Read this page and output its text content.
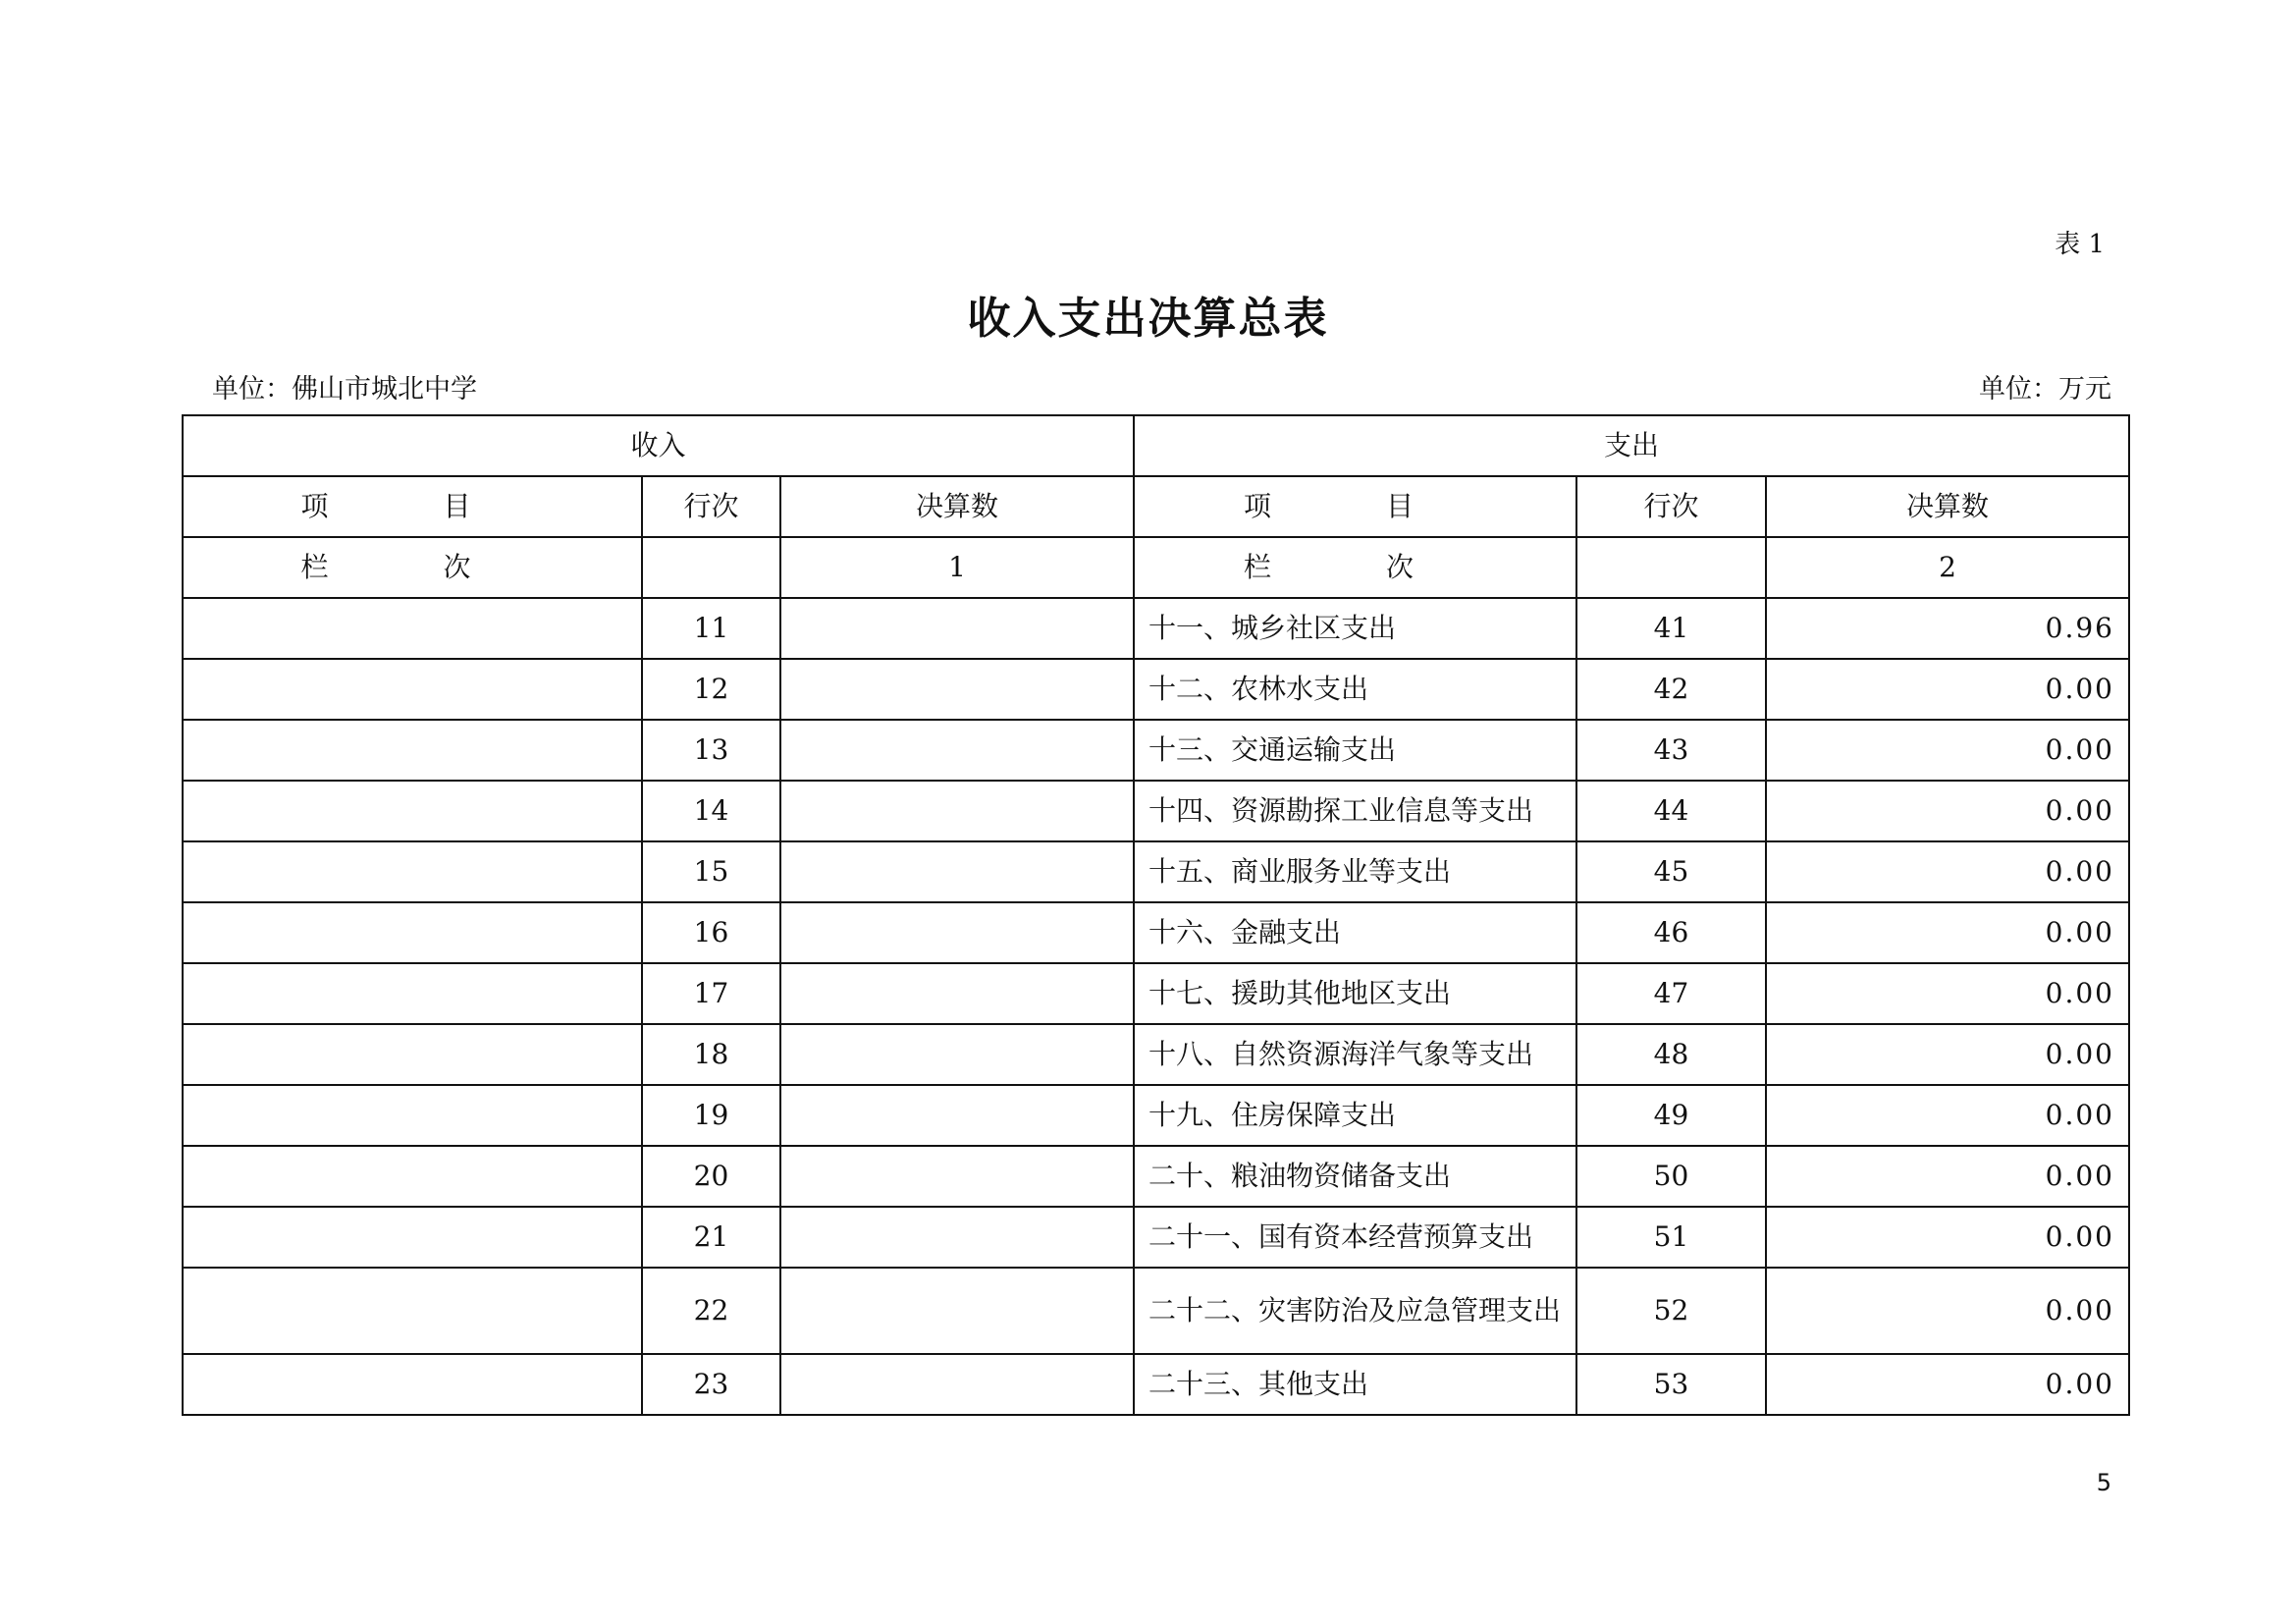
表 1
收入支出决算总表
单位：佛山市城北中学	单位：万元
收入			支出		
项 目	行次	决算数	项 目	行次	决算数
栏 次		1	栏 次		2
	11		十一、城乡社区支出	41	0.96
	12		十二、农林水支出	42	0.00
	13		十三、交通运输支出	43	0.00
	14		十四、资源勘探工业信息等支出	44	0.00
	15		十五、商业服务业等支出	45	0.00
	16		十六、金融支出	46	0.00
	17		十七、援助其他地区支出	47	0.00
	18		十八、自然资源海洋气象等支出	48	0.00
	19		十九、住房保障支出	49	0.00
	20		二十、粮油物资储备支出	50	0.00
	21		二十一、国有资本经营预算支出	51	0.00
	22		二十二、灾害防治及应急管理支出	52	0.00
	23		二十三、其他支出	53	0.00
5
